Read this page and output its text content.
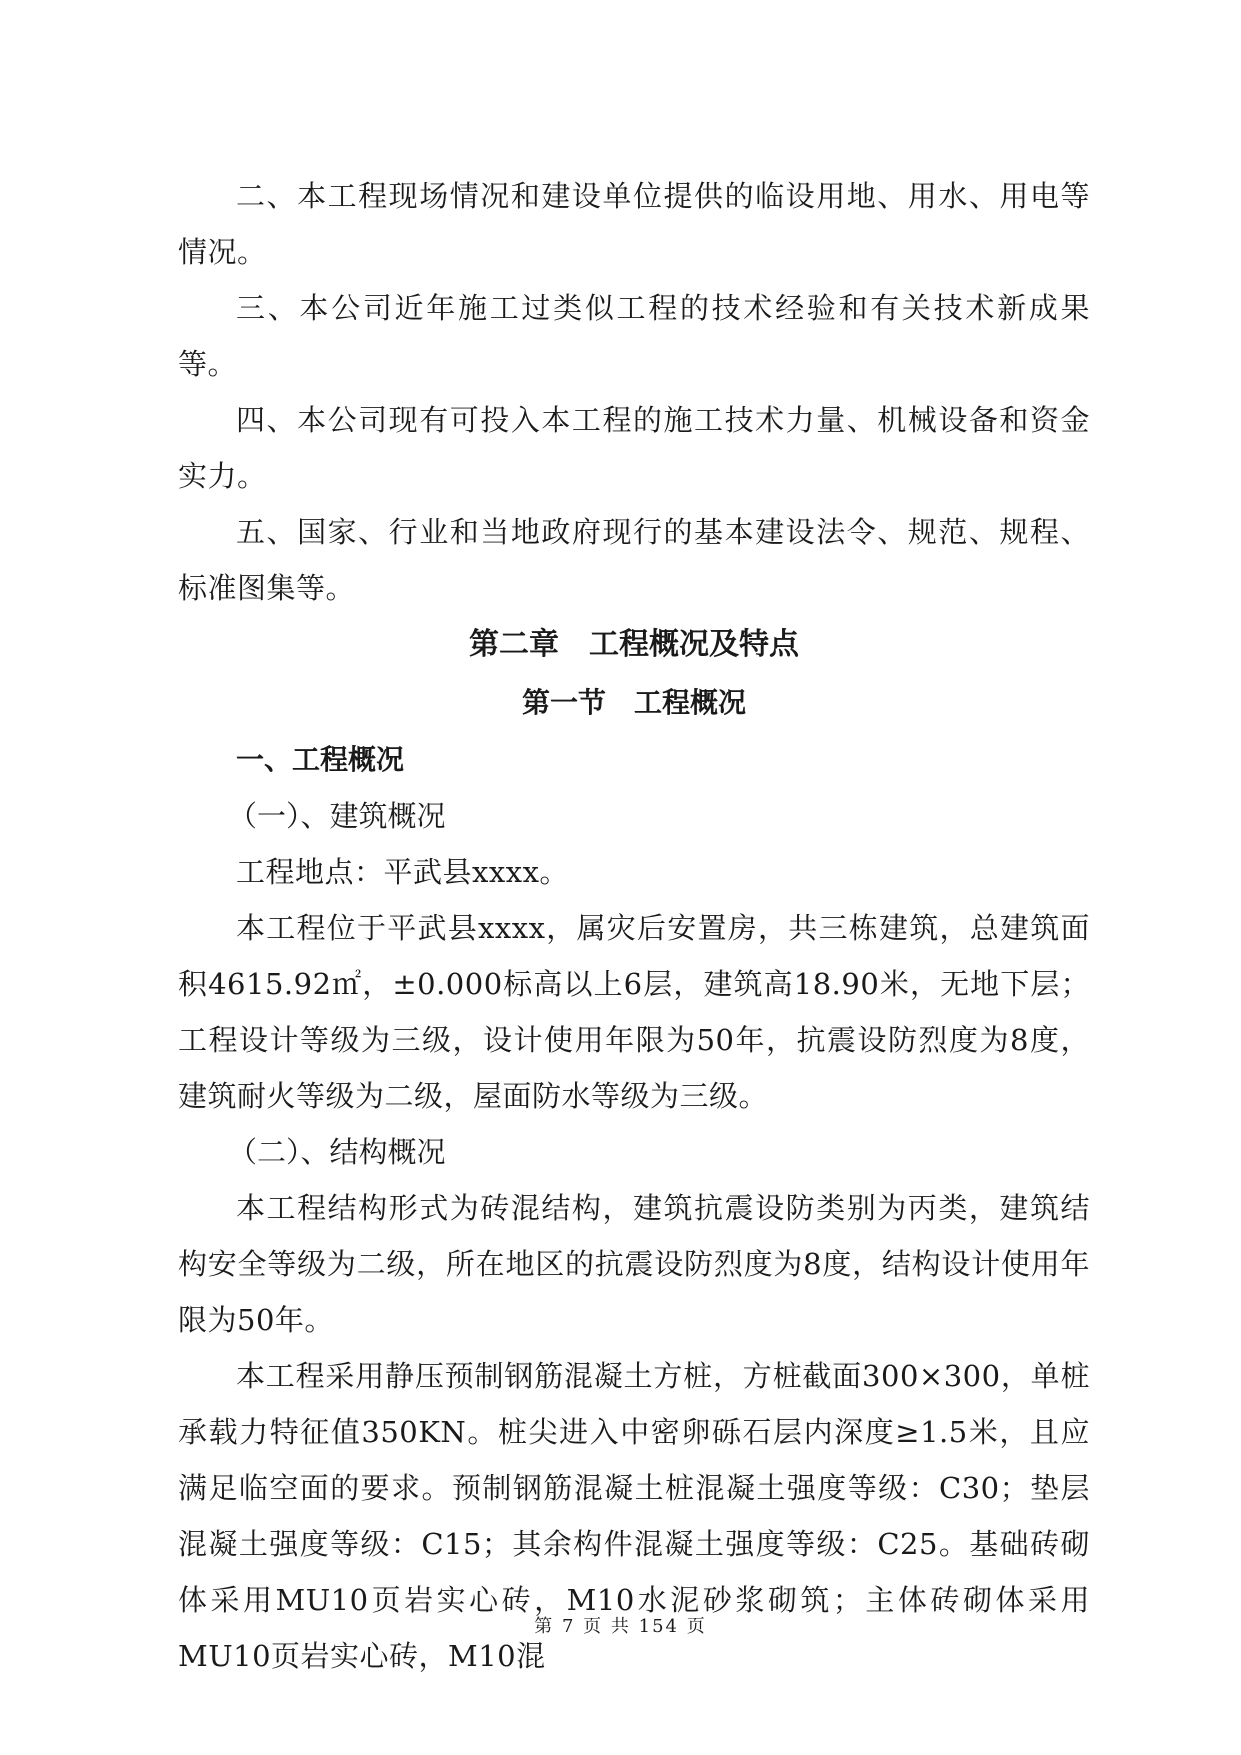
二、本工程现场情况和建设单位提供的临设用地、用水、用电等情况。

三、本公司近年施工过类似工程的技术经验和有关技术新成果等。

四、本公司现有可投入本工程的施工技术力量、机械设备和资金实力。

五、国家、行业和当地政府现行的基本建设法令、规范、规程、标准图集等。

第二章　工程概况及特点

第一节　工程概况

一、工程概况

（一）、建筑概况

工程地点：平武县xxxx。

本工程位于平武县xxxx，属灾后安置房，共三栋建筑，总建筑面积4615.92㎡，±0.000标高以上6层，建筑高18.90米，无地下层；工程设计等级为三级，设计使用年限为50年，抗震设防烈度为8度，建筑耐火等级为二级，屋面防水等级为三级。

（二）、结构概况

本工程结构形式为砖混结构，建筑抗震设防类别为丙类，建筑结构安全等级为二级，所在地区的抗震设防烈度为8度，结构设计使用年限为50年。

本工程采用静压预制钢筋混凝土方桩，方桩截面300×300，单桩承载力特征值350KN。桩尖进入中密卵砾石层内深度≥1.5米，且应满足临空面的要求。预制钢筋混凝土桩混凝土强度等级：C30；垫层混凝土强度等级：C15；其余构件混凝土强度等级：C25。基础砖砌体采用MU10页岩实心砖，M10水泥砂浆砌筑；主体砖砌体采用MU10页岩实心砖，M10混

第 7 页 共 154 页
